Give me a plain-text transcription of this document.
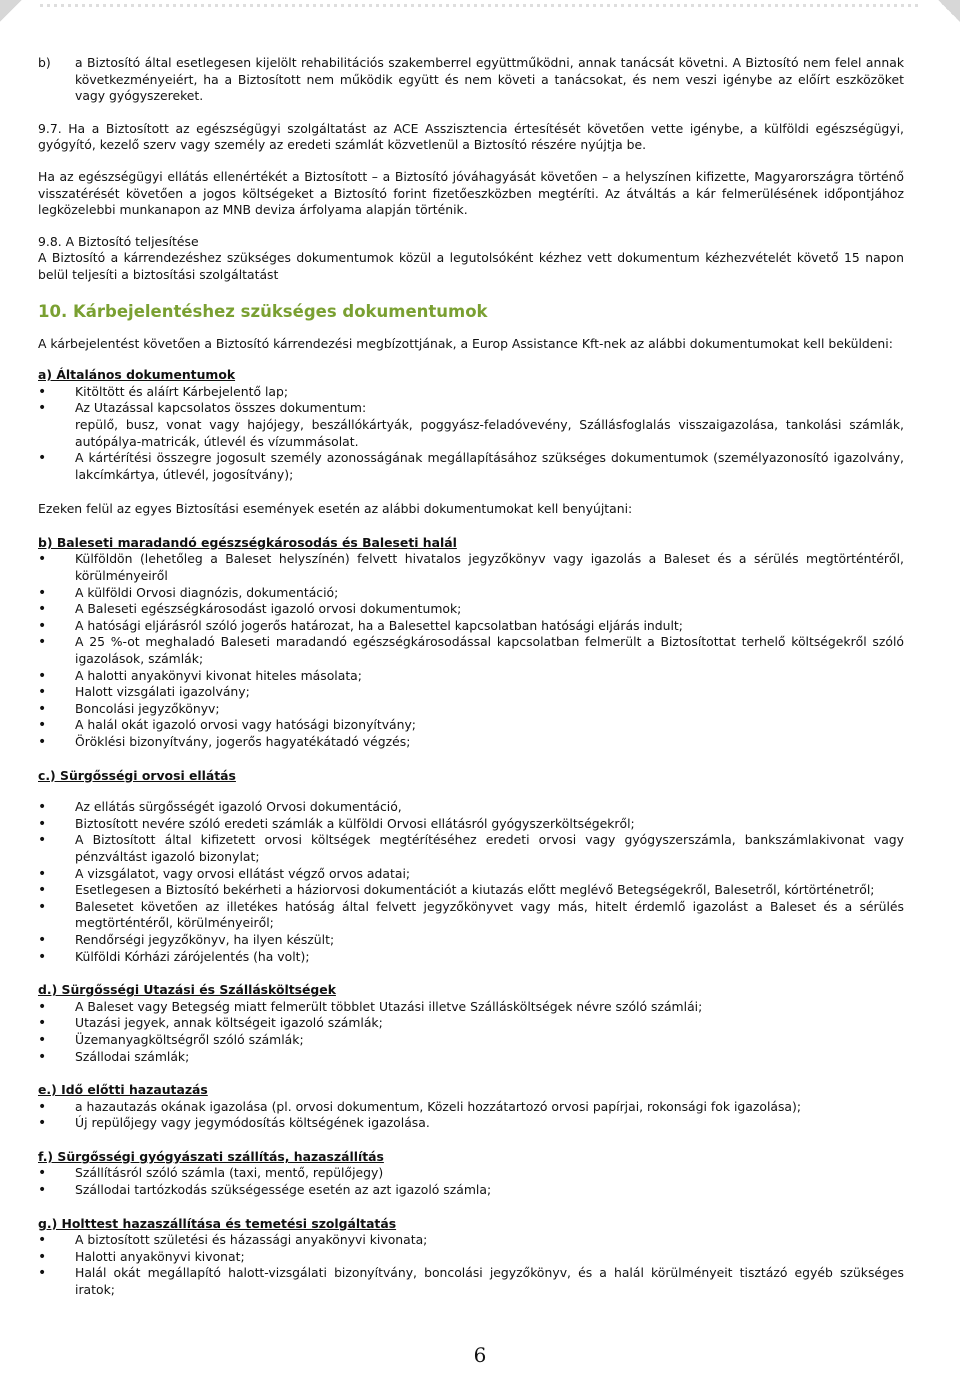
b) a Biztosító által esetlegesen kijelölt rehabilitációs szakemberrel együttműködni, annak tanácsát követni. A Biztosító nem felel annak következményeiért, ha a Biztosított nem működik együtt és nem követi a tanácsokat, és nem veszi igénybe az előírt eszközöket vagy gyógyszereket.

9.7. Ha a Biztosított az egészségügyi szolgáltatást az ACE Asszisztencia értesítését követően vette igénybe, a külföldi egészségügyi, gyógyító, kezelő szerv vagy személy az eredeti számlát közvetlenül a Biztosító részére nyújtja be.

Ha az egészségügyi ellátás ellenértékét a Biztosított – a Biztosító jóváhagyását követően – a helyszínen kifizette, Magyarországra történő visszatérését követően a jogos költségeket a Biztosító forint fizetőeszközben megtéríti. Az átváltás a kár felmerülésének időpontjához legközelebbi munkanapon az MNB deviza árfolyama alapján történik.

9.8. A Biztosító teljesítése

A Biztosító a kárrendezéshez szükséges dokumentumok közül a legutolsóként kézhez vett dokumentum kézhezvételét követő 15 napon belül teljesíti a biztosítási szolgáltatást

10. Kárbejelentéshez szükséges dokumentumok

A kárbejelentést követően a Biztosító kárrendezési megbízottjának, a Europ Assistance Kft-nek az alábbi dokumentumokat kell beküldeni:

a) Általános dokumentumok
• Kitöltött és aláírt Kárbejelentő lap;
• Az Utazással kapcsolatos összes dokumentum:
repülő, busz, vonat vagy hajójegy, beszállókártyák, poggyász-feladóvevény, Szállásfoglalás visszaigazolása, tankolási számlák, autópálya-matricák, útlevél és vízummásolat.
• A kártérítési összegre jogosult személy azonosságának megállapításához szükséges dokumentumok (személyazonosító igazolvány, lakcímkártya, útlevél, jogosítvány);

Ezeken felül az egyes Biztosítási események esetén az alábbi dokumentumokat kell benyújtani:

b) Baleseti maradandó egészségkárosodás és Baleseti halál
• Külföldön (lehetőleg a Baleset helyszínén) felvett hivatalos jegyzőkönyv vagy igazolás a Baleset és a sérülés megtörténtéről, körülményeiről
• A külföldi Orvosi diagnózis, dokumentáció;
• A Baleseti egészségkárosodást igazoló orvosi dokumentumok;
• A hatósági eljárásról szóló jogerős határozat, ha a Balesettel kapcsolatban hatósági eljárás indult;
• A 25 %-ot meghaladó Baleseti maradandó egészségkárosodással kapcsolatban felmerült a Biztosítottat terhelő költségekről szóló igazolások, számlák;
• A halotti anyakönyvi kivonat hiteles másolata;
• Halott vizsgálati igazolvány;
• Boncolási jegyzőkönyv;
• A halál okát igazoló orvosi vagy hatósági bizonyítvány;
• Öröklési bizonyítvány, jogerős hagyatékátadó végzés;
c.) Sürgősségi orvosi ellátás
• Az ellátás sürgősségét igazoló Orvosi dokumentáció,
• Biztosított nevére szóló eredeti számlák a külföldi Orvosi ellátásról gyógyszerköltségekről;
• A Biztosított által kifizetett orvosi költségek megtérítéséhez eredeti orvosi vagy gyógyszerszámla, bankszámlakivonat vagy pénzváltást igazoló bizonylat;
• A vizsgálatot, vagy orvosi ellátást végző orvos adatai;
• Esetlegesen a Biztosító bekérheti a háziorvosi dokumentációt a kiutazás előtt meglévő Betegségekről, Balesetről, kórtörténetről;
• Balesetet követően az illetékes hatóság által felvett jegyzőkönyvet vagy más, hitelt érdemlő igazolást a Baleset és a sérülés megtörténtéről, körülményeiről;
• Rendőrségi jegyzőkönyv, ha ilyen készült;
• Külföldi Kórházi zárójelentés (ha volt);
d.) Sürgősségi Utazási és Szállásköltségek
• A Baleset vagy Betegség miatt felmerült többlet Utazási illetve Szállásköltségek névre szóló számlái;
• Utazási jegyek, annak költségeit igazoló számlák;
• Üzemanyagköltségről szóló számlák;
• Szállodai számlák;
e.) Idő előtti hazautazás
• a hazautazás okának igazolása (pl. orvosi dokumentum, Közeli hozzátartozó orvosi papírjai, rokonsági fok igazolása);
• Új repülőjegy vagy jegymódosítás költségének igazolása.
f.) Sürgősségi gyógyászati szállítás, hazaszállítás
• Szállításról szóló számla (taxi, mentő, repülőjegy)
• Szállodai tartózkodás szükségessége esetén az azt igazoló számla;
g.) Holttest hazaszállítása és temetési szolgáltatás
• A biztosított születési és házassági anyakönyvi kivonata;
• Halotti anyakönyvi kivonat;
• Halál okát megállapító halott-vizsgálati bizonyítvány, boncolási jegyzőkönyv, és a halál körülményeit tisztázó egyéb szükséges iratok;
6
